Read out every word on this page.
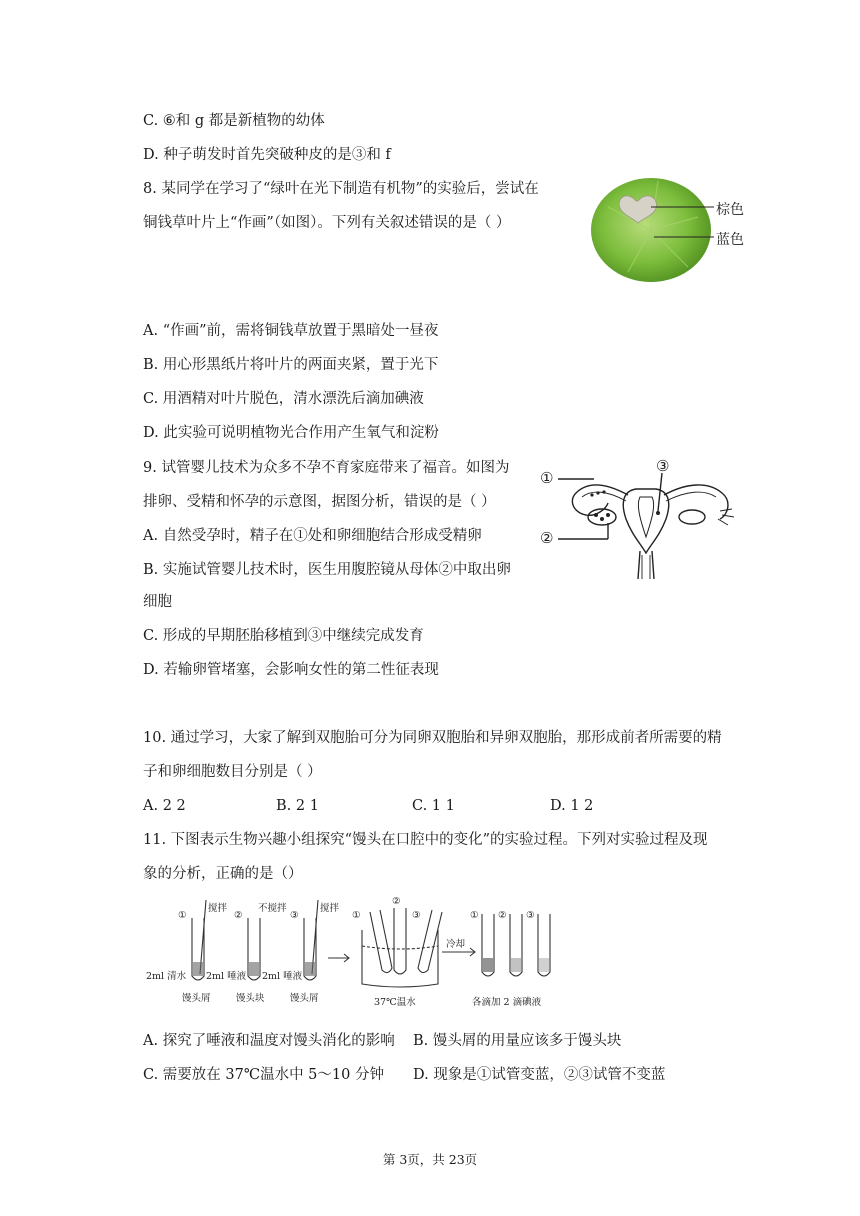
C. ⑥和 g 都是新植物的幼体
D. 种子萌发时首先突破种皮的是③和 f
8. 某同学在学习了“绿叶在光下制造有机物”的实验后，尝试在
铜钱草叶片上“作画”（如图）。下列有关叙述错误的是（ ）
棕色
蓝色
A. “作画”前，需将铜钱草放置于黑暗处一昼夜
B. 用心形黑纸片将叶片的两面夹紧，置于光下
C. 用酒精对叶片脱色，清水漂洗后滴加碘液
D. 此实验可说明植物光合作用产生氧气和淀粉
9. 试管婴儿技术为众多不孕不育家庭带来了福音。如图为
排卵、受精和怀孕的示意图，据图分析，错误的是（ ）
①
②
③
A. 自然受孕时，精子在①处和卵细胞结合形成受精卵
B. 实施试管婴儿技术时，医生用腹腔镜从母体②中取出卵
细胞
C. 形成的早期胚胎移植到③中继续完成发育
D. 若输卵管堵塞，会影响女性的第二性征表现
10. 通过学习，大家了解到双胞胎可分为同卵双胞胎和异卵双胞胎，那形成前者所需要的精
子和卵细胞数目分别是（ ）
A. 2 2	B. 2 1	C. 1 1	D. 1 2
11. 下图表示生物兴趣小组探究“馒头在口腔中的变化”的实验过程。下列对实验过程及现
象的分析，正确的是（）
①	②	③
搅拌	不搅拌	搅拌
2ml 清水 2ml 唾液 2ml 唾液
馒头屑	馒头块	馒头屑
①
②
③
37℃温水
冷却
① ② ③
各滴加 2 滴碘液
A. 探究了唾液和温度对馒头消化的影响 B. 馒头屑的用量应该多于馒头块
C. 需要放在 37℃温水中 5～10 分钟 D. 现象是①试管变蓝，②③试管不变蓝
第 3页，共 23页
